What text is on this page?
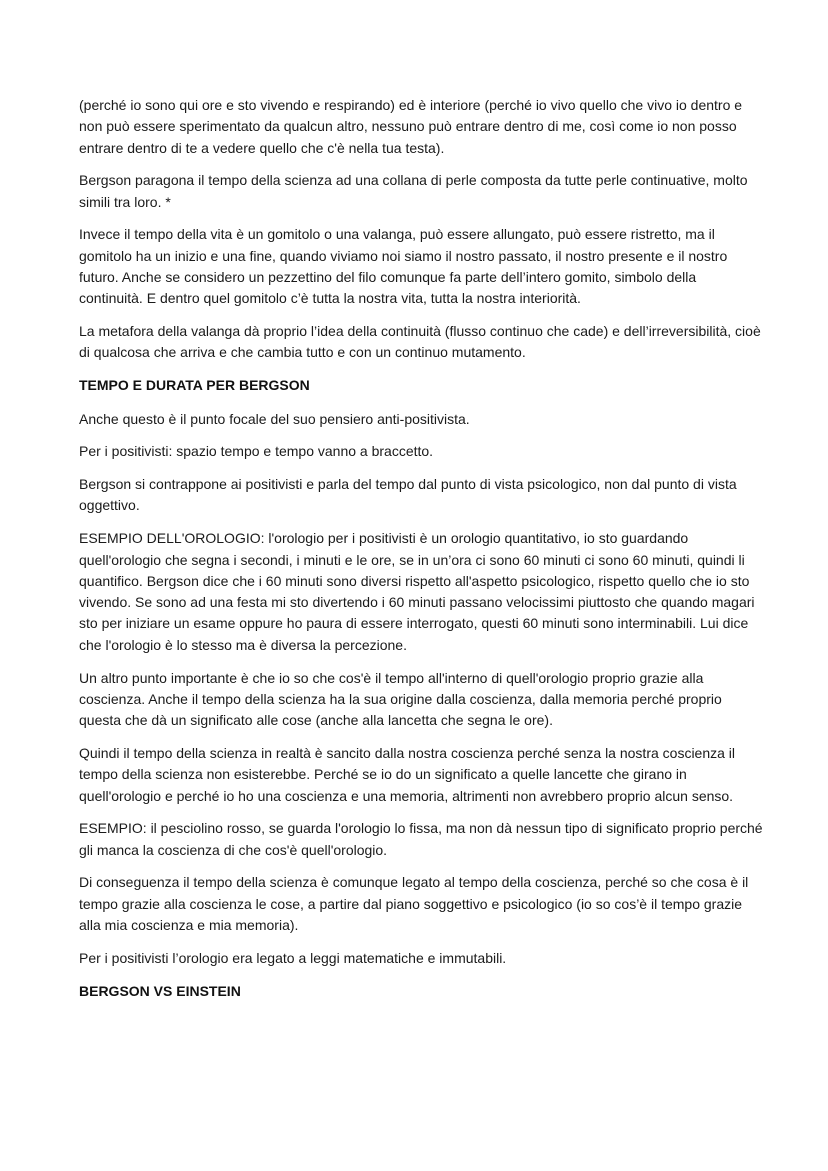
(perché io sono qui ore e sto vivendo e respirando) ed è interiore (perché io vivo quello che vivo io dentro e non può essere sperimentato da qualcun altro, nessuno può entrare dentro di me, così come io non posso entrare dentro di te a vedere quello che c'è nella tua testa).

Bergson paragona il tempo della scienza ad una collana di perle composta da tutte perle continuative, molto simili tra loro. *

Invece il tempo della vita è un gomitolo o una valanga, può essere allungato, può essere ristretto, ma il gomitolo ha un inizio e una fine, quando viviamo noi siamo il nostro passato, il nostro presente e il nostro futuro. Anche se considero un pezzettino del filo comunque fa parte dell’intero gomito, simbolo della continuità. E dentro quel gomitolo c’è tutta la nostra vita, tutta la nostra interiorità.

La metafora della valanga dà proprio l’idea della continuità (flusso continuo che cade) e dell’irreversibilità, cioè di qualcosa che arriva e che cambia tutto e con un continuo mutamento.

TEMPO E DURATA PER BERGSON

Anche questo è il punto focale del suo pensiero anti-positivista.

Per i positivisti: spazio tempo e tempo vanno a braccetto.

Bergson si contrappone ai positivisti e parla del tempo dal punto di vista psicologico, non dal punto di vista oggettivo.

ESEMPIO DELL'OROLOGIO: l'orologio per i positivisti è un orologio quantitativo, io sto guardando quell'orologio che segna i secondi, i minuti e le ore, se in un’ora ci sono 60 minuti ci sono 60 minuti, quindi li quantifico. Bergson dice che i 60 minuti sono diversi rispetto all'aspetto psicologico, rispetto quello che io sto vivendo. Se sono ad una festa mi sto divertendo i 60 minuti passano velocissimi piuttosto che quando magari sto per iniziare un esame oppure ho paura di essere interrogato, questi 60 minuti sono interminabili. Lui dice che l'orologio è lo stesso ma è diversa la percezione.

Un altro punto importante è che io so che cos'è il tempo all'interno di quell'orologio proprio grazie alla coscienza. Anche il tempo della scienza ha la sua origine dalla coscienza, dalla memoria perché proprio questa che dà un significato alle cose (anche alla lancetta che segna le ore).

Quindi il tempo della scienza in realtà è sancito dalla nostra coscienza perché senza la nostra coscienza il tempo della scienza non esisterebbe. Perché se io do un significato a quelle lancette che girano in quell'orologio e perché io ho una coscienza e una memoria, altrimenti non avrebbero proprio alcun senso.

ESEMPIO: il pesciolino rosso, se guarda l'orologio lo fissa, ma non dà nessun tipo di significato proprio perché gli manca la coscienza di che cos'è quell'orologio.

Di conseguenza il tempo della scienza è comunque legato al tempo della coscienza, perché so che cosa è il tempo grazie alla coscienza le cose, a partire dal piano soggettivo e psicologico (io so cos’è il tempo grazie alla mia coscienza e mia memoria).

Per i positivisti l’orologio era legato a leggi matematiche e immutabili.

BERGSON VS EINSTEIN
